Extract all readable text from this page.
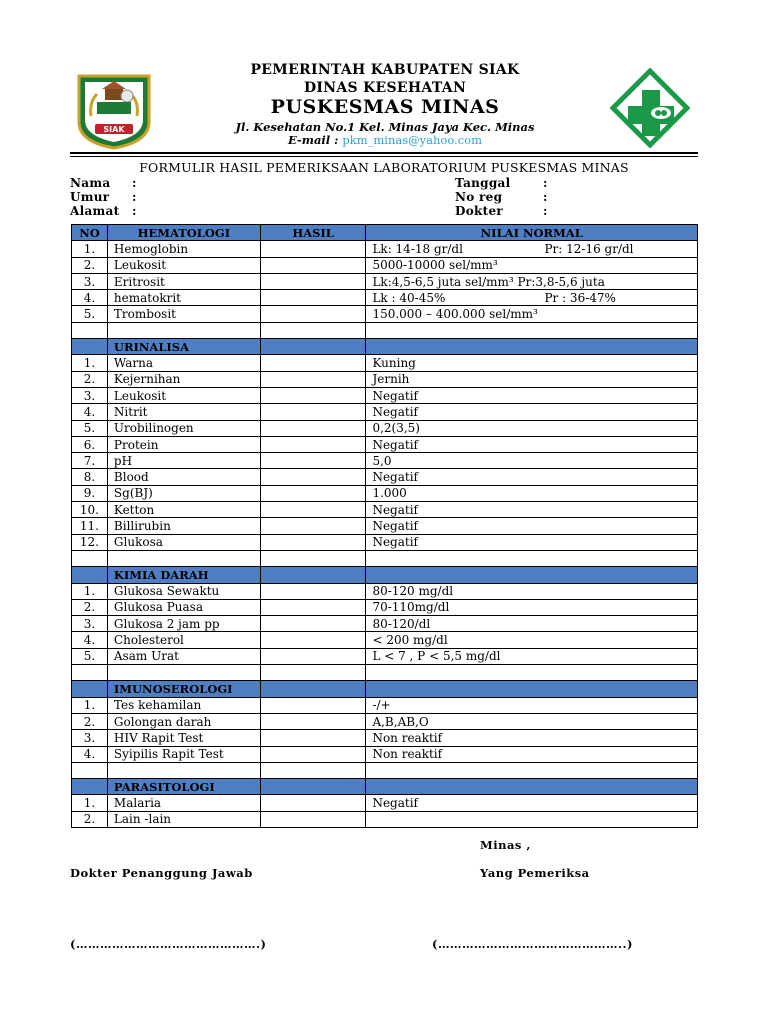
SIAK

PEMERINTAH KABUPATEN SIAK

DINAS KESEHATAN

PUSKESMAS MINAS

Jl. Kesehatan No.1 Kel. Minas Jaya Kec. Minas

E-mail : pkm_minas@yahoo.com

FORMULIR HASIL PEMERIKSAAN LABORATORIUM PUSKESMAS MINAS

Nama :
Umur :
Alamat :
Tanggal	:
No reg	:
Dokter	:
NO	HEMATOLOGI	HASIL	NILAI NORMAL
1.	Hemoglobin		Lk: 14-18 gr/dl Pr: 12-16 gr/dl

2.	Leukosit		5000-10000 sel/mm³
3.	Eritrosit		Lk:4,5-6,5 juta sel/mm³ Pr:3,8-5,6 juta
4.	hematokrit		Lk : 40-45% Pr : 36-47%

5.	Trombosit		150.000 – 400.000 sel/mm³

	URINALISA		
1.	Warna		Kuning
2.	Kejernihan		Jernih
3.	Leukosit		Negatif
4.	Nitrit		Negatif
5.	Urobilinogen		0,2(3,5)
6.	Protein		Negatif
7.	pH		5,0
8.	Blood		Negatif
9.	Sg(BJ)		1.000
10.	Ketton		Negatif
11.	Billirubin		Negatif
12.	Glukosa		Negatif

	KIMIA DARAH		
1.	Glukosa Sewaktu		80-120 mg/dl
2.	Glukosa Puasa		70-110mg/dl
3.	Glukosa 2 jam pp		80-120/dl
4.	Cholesterol		< 200 mg/dl
5.	Asam Urat		L < 7 , P < 5,5 mg/dl

	IMUNOSEROLOGI		
1.	Tes kehamilan		-/+
2.	Golongan darah		A,B,AB,O
3.	HIV Rapit Test		Non reaktif
4.	Syipilis Rapit Test		Non reaktif

	PARASITOLOGI		
1.	Malaria		Negatif
2.	Lain -lain		
Minas ,
Dokter Penanggung Jawab	Yang Pemeriksa
(……………………………………….)	(………………………………………..)
